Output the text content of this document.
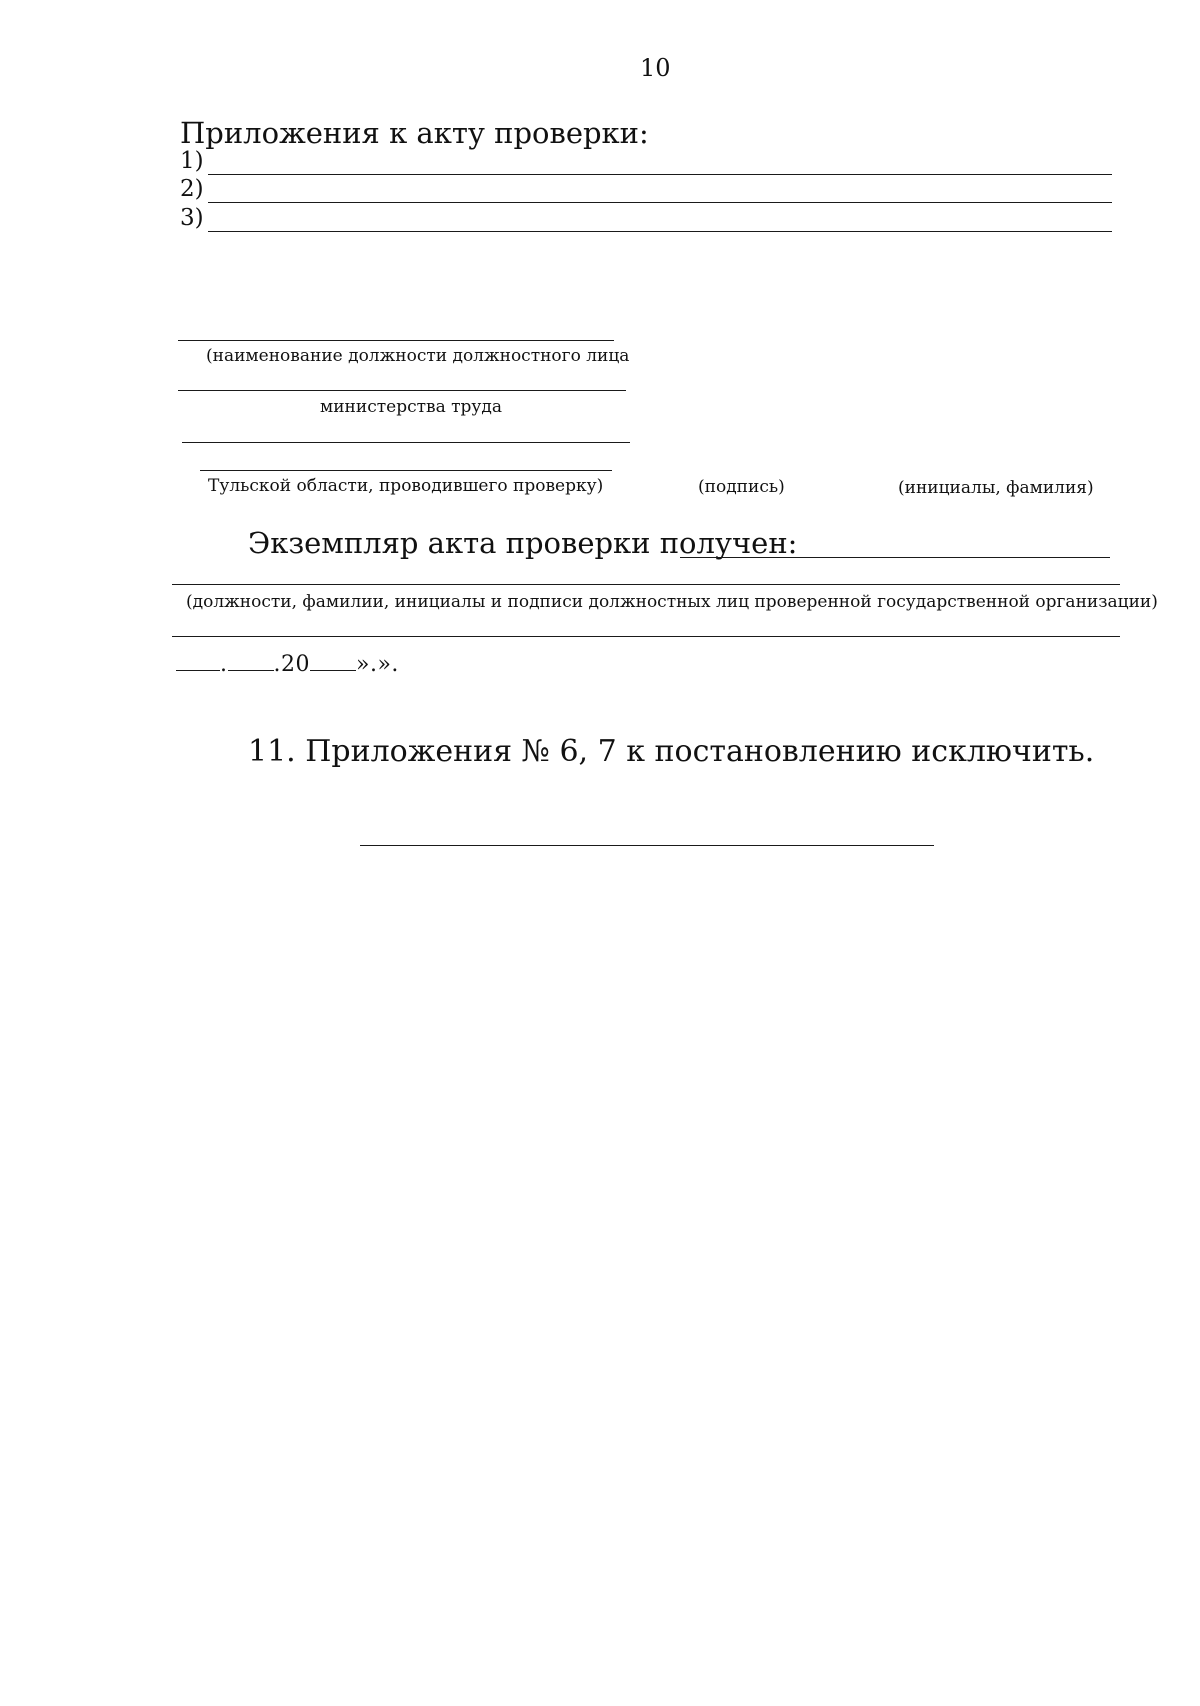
10
Приложения к акту проверки:
1)
2)
3)
(наименование должности должностного лица
министерства труда
Тульской области, проводившего проверку)	(подпись)	(инициалы, фамилия)
Экземпляр акта проверки получен:
(должности, фамилии, инициалы и подписи должностных лиц проверенной государственной организации)
. .20 ».».
11. Приложения № 6, 7 к постановлению исключить.
